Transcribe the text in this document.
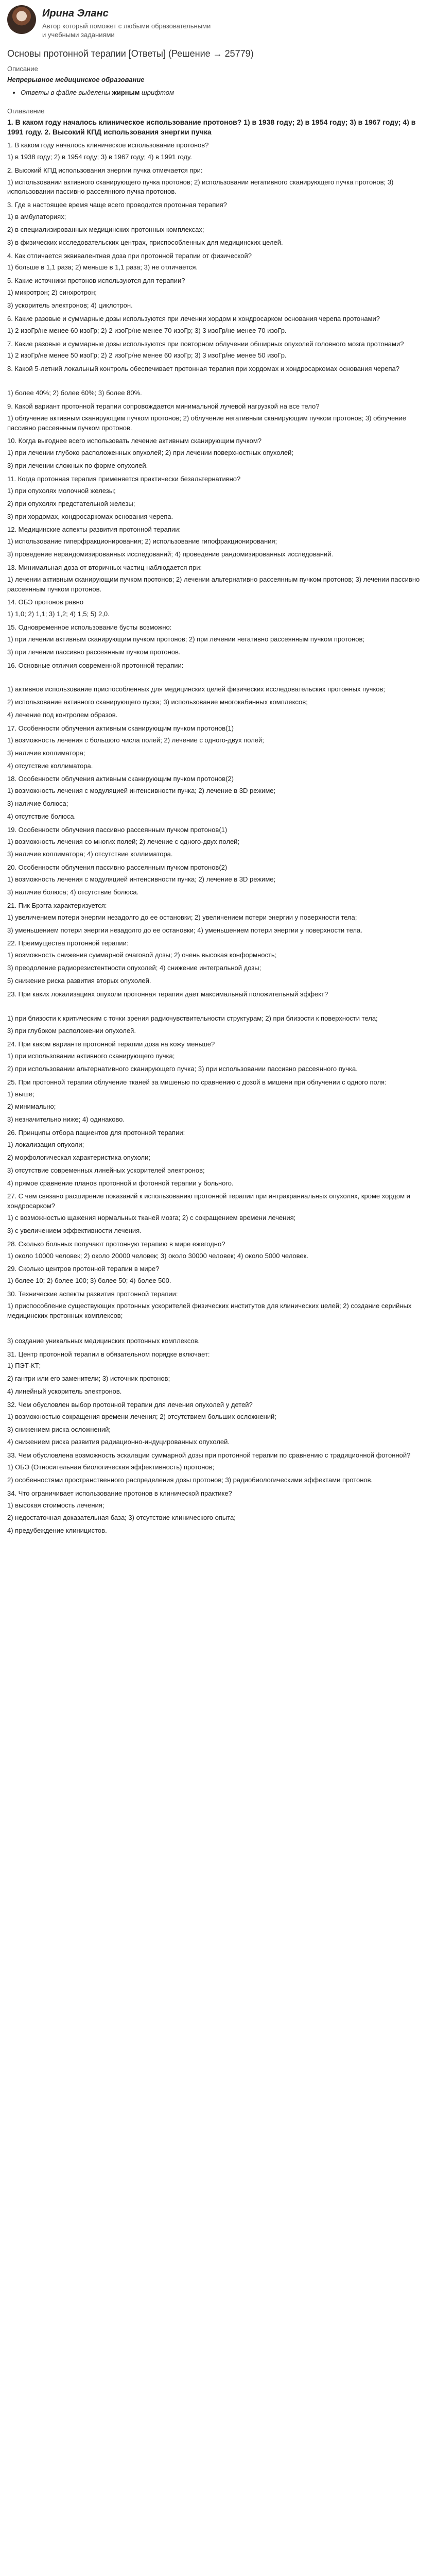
Ирина Эланс
Автор который поможет с любыми образовательными и учебными заданиями
Основы протонной терапии [Ответы] (Решение → 25779)
Описание
Непрерывное медицинское образование
• Ответы в файле выделены жирным шрифтом
Оглавление
1. В каком году началось клиническое использование протонов? 1) в 1938 году; 2) в 1954 году; 3) в 1967 году; 4) в 1991 году. 2. Высокий КПД использования энергии пучка
1. В каком году началось клиническое использование протонов?
1) в 1938 году; 2) в 1954 году; 3) в 1967 году; 4) в 1991 году.
2. Высокий КПД использования энергии пучка отмечается при:
1) использовании активного сканирующего пучка протонов; 2) использовании негативного сканирующего пучка протонов; 3) использовании пассивно рассеянного пучка протонов.
3. Где в настоящее время чаще всего проводится протонная терапия?
1) в амбулаториях;
2) в специализированных медицинских протонных комплексах;
3) в физических исследовательских центрах, приспособленных для медицинских целей.
4. Как отличается эквивалентная доза при протонной терапии от физической?
1) больше в 1,1 раза; 2) меньше в 1,1 раза; 3) не отличается.
5. Какие источники протонов используются для терапии?
1) микротрон; 2) синхротрон;
3) ускоритель электронов; 4) циклотрон.
6. Какие разовые и суммарные дозы используются при лечении хордом и хондросарком основания черепа протонами?
1) 2 изоГр/не менее 60 изоГр; 2) 2 изоГр/не менее 70 изоГр; 3) 3 изоГр/не менее 70 изоГр.
7. Какие разовые и суммарные дозы используются при повторном облучении обширных опухолей головного мозга протонами?
1) 2 изоГр/не менее 50 изоГр; 2) 2 изоГр/не менее 60 изоГр; 3) 3 изоГр/не менее 50 изоГр.
8. Какой 5-летний локальный контроль обеспечивает протонная терапия при хордомах и хондросаркомах основания черепа?
1) более 40%; 2) более 60%; 3) более 80%.
9. Какой вариант протонной терапии сопровождается минимальной лучевой нагрузкой на все тело?
1) облучение активным сканирующим пучком протонов; 2) облучение негативным сканирующим пучком протонов; 3) облучение пассивно рассеянным пучком протонов.
10. Когда выгоднее всего использовать лечение активным сканирующим пучком?
1) при лечении глубоко расположенных опухолей; 2) при лечении поверхностных опухолей;
3) при лечении сложных по форме опухолей.
11. Когда протонная терапия применяется практически безальтернативно?
1) при опухолях молочной железы;
2) при опухолях предстательной железы;
3) при хордомах, хондросаркомах основания черепа.
12. Медицинские аспекты развития протонной терапии:
1) использование гиперфракционирования; 2) использование гипофракционирования;
3) проведение нерандомизированных исследований; 4) проведение рандомизированных исследований.
13. Минимальная доза от вторичных частиц наблюдается при:
1) лечении активным сканирующим пучком протонов; 2) лечении альтернативно рассеянным пучком протонов; 3) лечении пассивно рассеянным пучком протонов.
14. ОБЭ протонов равно
1) 1,0; 2) 1,1; 3) 1,2; 4) 1,5; 5) 2,0.
15. Одновременное использование бусты возможно:
1) при лечении активным сканирующим пучком протонов; 2) при лечении негативно рассеянным пучком протонов;
3) при лечении пассивно рассеянным пучком протонов.
16. Основные отличия современной протонной терапии:
1) активное использование приспособленных для медицинских целей физических исследовательских протонных пучков;
2) использование активного сканирующего пуска; 3) использование многокабинных комплексов;
4) лечение под контролем образов.
17. Особенности облучения активным сканирующим пучком протонов(1)
1) возможность лечения с большого числа полей; 2) лечение с одного-двух полей;
3) наличие коллиматора;
4) отсутствие коллиматора.
18. Особенности облучения активным сканирующим пучком протонов(2)
1) возможность лечения с модуляцией интенсивности пучка; 2) лечение в 3D режиме;
3) наличие болюса;
4) отсутствие болюса.
19. Особенности облучения пассивно рассеянным пучком протонов(1)
1) возможность лечения со многих полей; 2) лечение с одного-двух полей;
3) наличие коллиматора; 4) отсутствие коллиматора.
20. Особенности облучения пассивно рассеянным пучком протонов(2)
1) возможность лечения с модуляцией интенсивности пучка; 2) лечение в 3D режиме;
3) наличие болюса; 4) отсутствие болюса.
21. Пик Брэгга характеризуется:
1) увеличением потери энергии незадолго до ее остановки; 2) увеличением потери энергии у поверхности тела;
3) уменьшением потери энергии незадолго до ее остановки; 4) уменьшением потери энергии у поверхности тела.
22. Преимущества протонной терапии:
1) возможность снижения суммарной очаговой дозы; 2) очень высокая конформность;
3) преодоление радиорезистентности опухолей; 4) снижение интегральной дозы;
5) снижение риска развития вторых опухолей.
23. При каких локализациях опухоли протонная терапия дает максимальный положительный эффект?
1) при близости к критическим с точки зрения радиочувствительности структурам; 2) при близости к поверхности тела;
3) при глубоком расположении опухолей.
24. При каком варианте протонной терапии доза на кожу меньше?
1) при использовании активного сканирующего пучка;
2) при использовании альтернативного сканирующего пучка; 3) при использовании пассивно рассеянного пучка.
25. При протонной терапии облучение тканей за мишенью по сравнению с дозой в мишени при облучении с одного поля:
1) выше;
2) минимально;
3) незначительно ниже; 4) одинаково.
26. Принципы отбора пациентов для протонной терапии:
1) локализация опухоли;
2) морфологическая характеристика опухоли;
3) отсутствие современных линейных ускорителей электронов;
4) прямое сравнение планов протонной и фотонной терапии у больного.
27. С чем связано расширение показаний к использованию протонной терапии при интракраниальных опухолях, кроме хордом и хондросарком?
1) с возможностью щажения нормальных тканей мозга; 2) с сокращением времени лечения;
3) с увеличением эффективности лечения.
28. Сколько больных получают протонную терапию в мире ежегодно?
1) около 10000 человек; 2) около 20000 человек; 3) около 30000 человек; 4) около 5000 человек.
29. Сколько центров протонной терапии в мире?
1) более 10; 2) более 100; 3) более 50; 4) более 500.
30. Технические аспекты развития протонной терапии:
1) приспособление существующих протонных ускорителей физических институтов для клинических целей; 2) создание серийных медицинских протонных комплексов;
3) создание уникальных медицинских протонных комплексов.
31. Центр протонной терапии в обязательном порядке включает:
1) ПЭТ-КТ;
2) гантри или его заменители; 3) источник протонов;
4) линейный ускоритель электронов.
32. Чем обусловлен выбор протонной терапии для лечения опухолей у детей?
1) возможностью сокращения времени лечения; 2) отсутствием больших осложнений;
3) снижением риска осложнений;
4) снижением риска развития радиационно-индуцированных опухолей.
33. Чем обусловлена возможность эскалации суммарной дозы при протонной терапии по сравнению с традиционной фотонной?
1) ОБЭ (Относительная биологическая эффективность) протонов;
2) особенностями пространственного распределения дозы протонов; 3) радиобиологическими эффектами протонов.
34. Что ограничивает использование протонов в клинической практике?
1) высокая стоимость лечения;
2) недостаточная доказательная база; 3) отсутствие клинического опыта;
4) предубеждение клиницистов.
